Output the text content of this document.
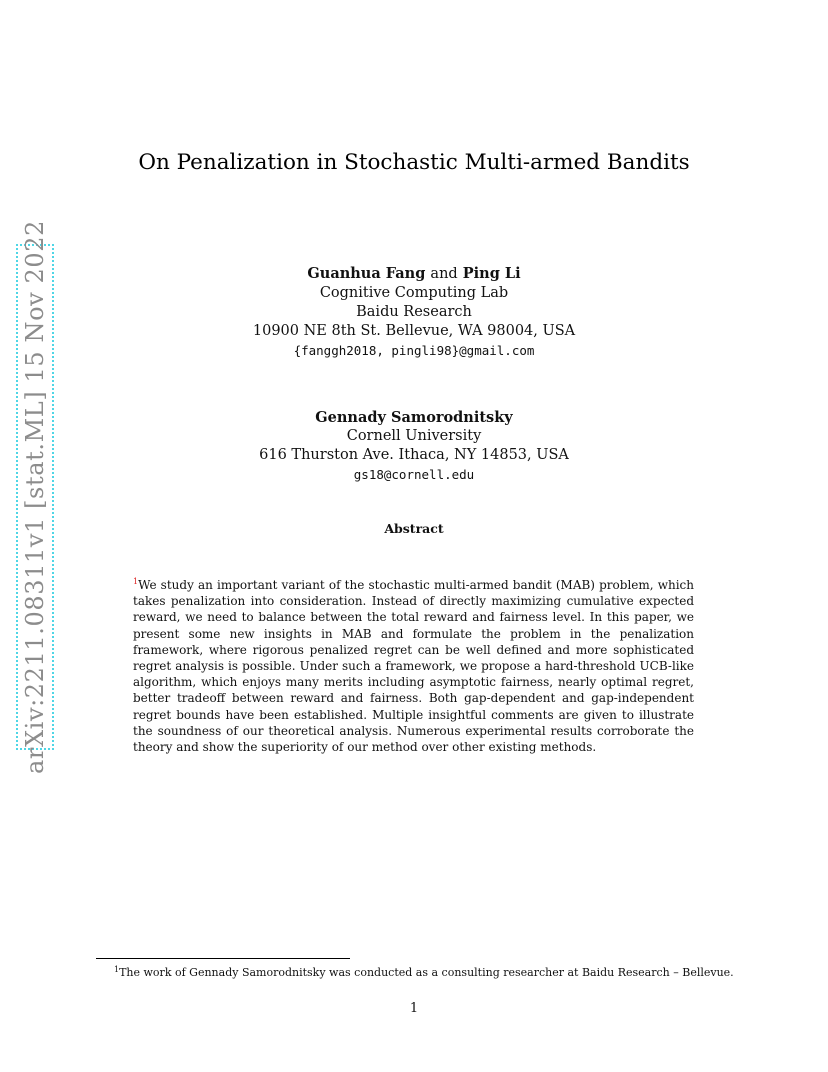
arXiv:2211.08311v1 [stat.ML] 15 Nov 2022
On Penalization in Stochastic Multi-armed Bandits
Guanhua Fang and Ping Li
Cognitive Computing Lab
Baidu Research
10900 NE 8th St. Bellevue, WA 98004, USA
{fanggh2018, pingli98}@gmail.com
Gennady Samorodnitsky
Cornell University
616 Thurston Ave. Ithaca, NY 14853, USA
gs18@cornell.edu
Abstract
$^1$We study an important variant of the stochastic multi-armed bandit (MAB) problem, which takes penalization into consideration. Instead of directly maximizing cumulative expected reward, we need to balance between the total reward and fairness level. In this paper, we present some new insights in MAB and formulate the problem in the penalization framework, where rigorous penalized regret can be well defined and more sophisticated regret analysis is possible. Under such a framework, we propose a hard-threshold UCB-like algorithm, which enjoys many merits including asymptotic fairness, nearly optimal regret, better tradeoff between reward and fairness. Both gap-dependent and gap-independent regret bounds have been established. Multiple insightful comments are given to illustrate the soundness of our theoretical analysis. Numerous experimental results corroborate the theory and show the superiority of our method over other existing methods.
$^1$The work of Gennady Samorodnitsky was conducted as a consulting researcher at Baidu Research – Bellevue.
1
